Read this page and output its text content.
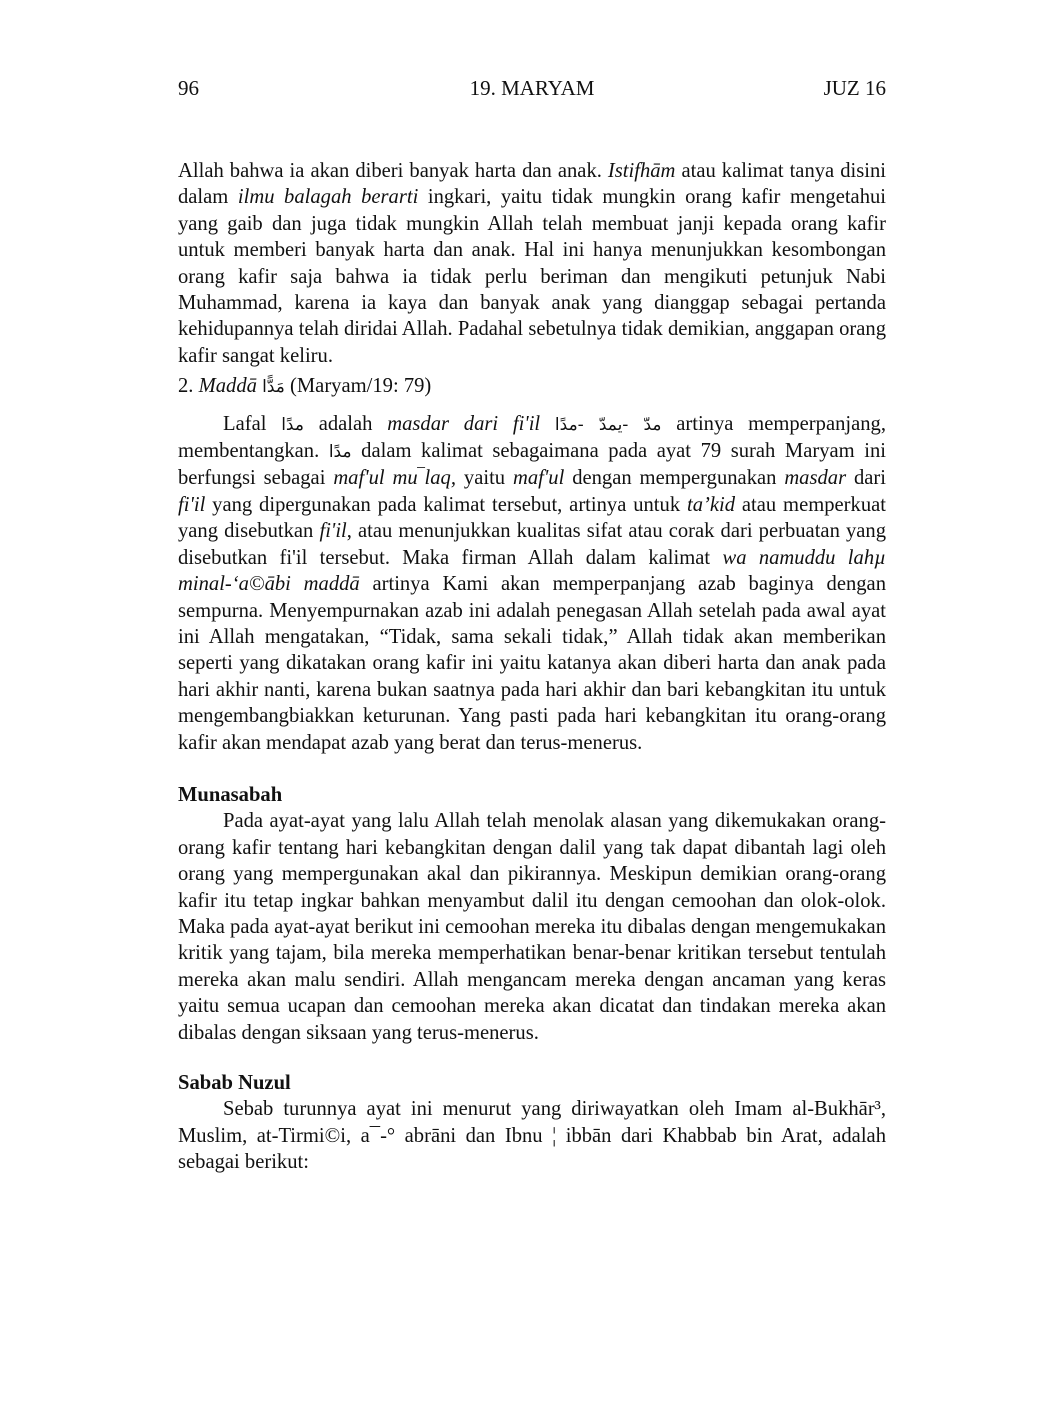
96	19. MARYAM	JUZ 16

Allah bahwa ia akan diberi banyak harta dan anak. Istifhām atau kalimat tanya disini dalam ilmu balagah berarti ingkari, yaitu tidak mungkin orang kafir mengetahui yang gaib dan juga tidak mungkin Allah telah membuat janji kepada orang kafir untuk memberi banyak harta dan anak. Hal ini hanya menunjukkan kesombongan orang kafir saja bahwa ia tidak perlu beriman dan mengikuti petunjuk Nabi Muhammad, karena ia kaya dan banyak anak yang dianggap sebagai pertanda kehidupannya telah diridai Allah. Padahal sebetulnya tidak demikian, anggapan orang kafir sangat keliru.

2. Maddā مَدًّا (Maryam/19: 79)

Lafal مدًا adalah masdar dari fi'il مدّ -يمدّ -مدًا artinya memperpanjang, membentangkan. مدًا dalam kalimat sebagaimana pada ayat 79 surah Maryam ini berfungsi sebagai maf'ul mu‾laq, yaitu maf'ul dengan mempergunakan masdar dari fi'il yang dipergunakan pada kalimat tersebut, artinya untuk ta’kid atau memperkuat yang disebutkan fi'il, atau menunjukkan kualitas sifat atau corak dari perbuatan yang disebutkan fi'il tersebut. Maka firman Allah dalam kalimat wa namuddu lahµ minal-‘a©ābi maddā artinya Kami akan memperpanjang azab baginya dengan sempurna. Menyempurnakan azab ini adalah penegasan Allah setelah pada awal ayat ini Allah mengatakan, “Tidak, sama sekali tidak,” Allah tidak akan memberikan seperti yang dikatakan orang kafir ini yaitu katanya akan diberi harta dan anak pada hari akhir nanti, karena bukan saatnya pada hari akhir dan bari kebangkitan itu untuk mengembangbiakkan keturunan. Yang pasti pada hari kebangkitan itu orang-orang kafir akan mendapat azab yang berat dan terus-menerus.

Munasabah

Pada ayat-ayat yang lalu Allah telah menolak alasan yang dikemukakan orang-orang kafir tentang hari kebangkitan dengan dalil yang tak dapat dibantah lagi oleh orang yang mempergunakan akal dan pikirannya. Meskipun demikian orang-orang kafir itu tetap ingkar bahkan menyambut dalil itu dengan cemoohan dan olok-olok. Maka pada ayat-ayat berikut ini cemoohan mereka itu dibalas dengan mengemukakan kritik yang tajam, bila mereka memperhatikan benar-benar kritikan tersebut tentulah mereka akan malu sendiri. Allah mengancam mereka dengan ancaman yang keras yaitu semua ucapan dan cemoohan mereka akan dicatat dan tindakan mereka akan dibalas dengan siksaan yang terus-menerus.

Sabab Nuzul

Sebab turunnya ayat ini menurut yang diriwayatkan oleh Imam al-Bukhār³, Muslim, at-Tirmi©i, a¯-° abrāni dan Ibnu ¦ ibbān dari Khabbab bin Arat, adalah sebagai berikut:
